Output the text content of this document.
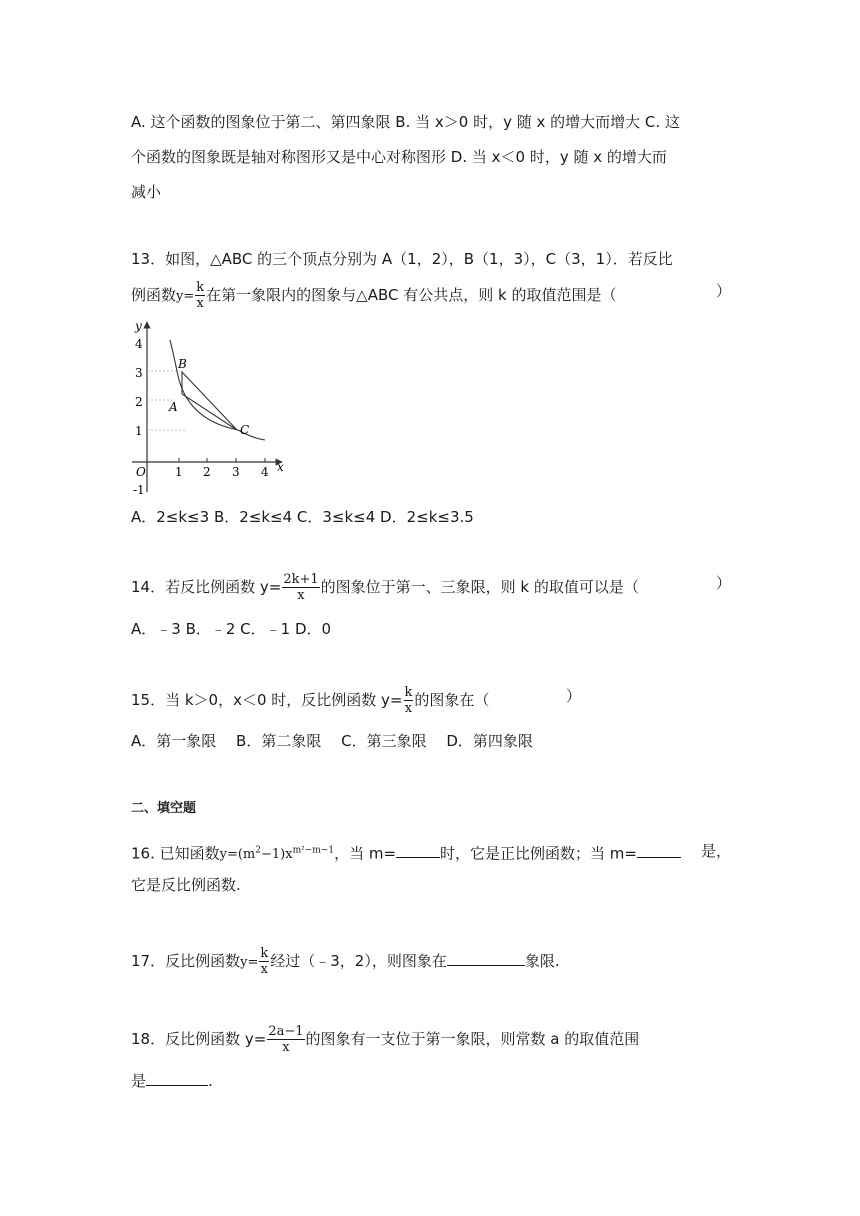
A. 这个函数的图象位于第二、第四象限 B. 当 x＞0 时，y 随 x 的增大而增大 C. 这
个函数的图象既是轴对称图形又是中心对称图形 D. 当 x＜0 时，y 随 x 的增大而
减小
13．如图，△ABC 的三个顶点分别为 A（1，2），B（1，3），C（3，1）．若反比
例函数$y= \frac{k}{x}$ 在第一象限内的图象与△ABC 有公共点，则 k 的取值范围是（	）
1 2 3 4 x
4
3
2
1
-1
y
O
B
A
C
A．2≤k≤3 B．2≤k≤4 C．3≤k≤4 D．2≤k≤3.5
14．若反比例函数 $y= \frac{2k+1}{x}$ 的图象位于第一、三象限，则 k 的取值可以是（	）
A．﹣3 B．﹣2 C．﹣1 D．0
15．当 k＞0，x＜0 时，反比例函数 $y= \frac{k}{x}$ 的图象在（	）
A．第一象限　 B．第二象限　 C．第三象限　 D．第四象限
二、填空题
16. 已知函数$y=(m^2-1)x^{m^2-m-1}$，当 m=	时，它是正比例函数；当 m=	是，
它是反比例函数.
17．反比例函数$y= \frac{k}{x}$ 经过（﹣3，2），则图象在	象限.
18．反比例函数 $y= \frac{2a-1}{x}$ 的图象有一支位于第一象限，则常数 a 的取值范围
是	.
